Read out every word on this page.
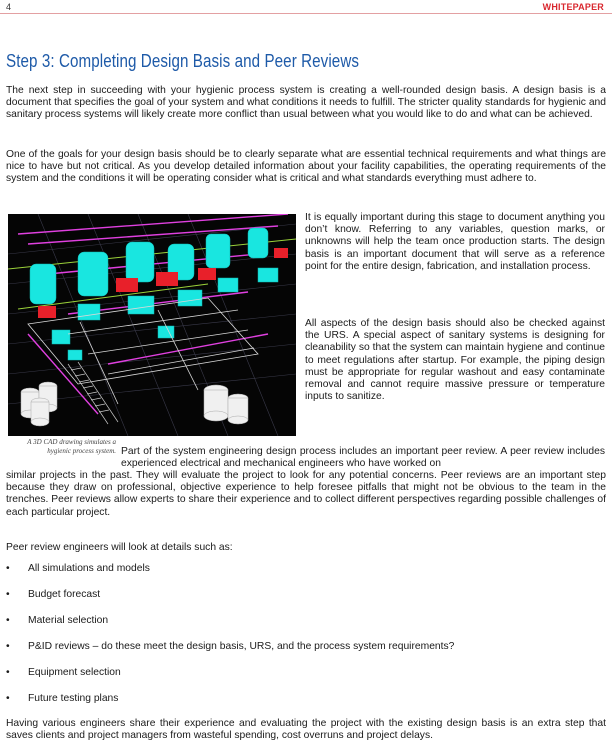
4	WHITEPAPER
Step 3: Completing Design Basis and Peer Reviews

The next step in succeeding with your hygienic process system is creating a well-rounded design basis. A design basis is a document that specifies the goal of your system and what conditions it needs to fulfill. The stricter quality standards for hygienic and sanitary process systems will likely create more conflict than usual between what you would like to do and what can be achieved.

One of the goals for your design basis should be to clearly separate what are essential technical requirements and what things are nice to have but not critical. As you develop detailed information about your facility capabilities, the operating requirements of the system and the conditions it will be operating consider what is critical and what standards everything must adhere to.

A 3D CAD drawing simulates a hygienic process system.

It is equally important during this stage to document anything you don’t know. Referring to any variables, question marks, or unknowns will help the team once production starts. The design basis is an important document that will serve as a reference point for the entire design, fabrication, and installation process.

All aspects of the design basis should also be checked against the URS. A special aspect of sanitary systems is designing for cleanability so that the system can maintain hygiene and continue to meet regulations after startup. For example, the piping design must be appropriate for regular washout and easy contaminate removal and cannot require massive pressure or temperature inputs to sanitize.

Part of the system engineering design process includes an important peer review. A peer review includes experienced electrical and mechanical engineers who have worked on

similar projects in the past. They will evaluate the project to look for any potential concerns. Peer reviews are an important step because they draw on professional, objective experience to help foresee pitfalls that might not be obvious to the team in the trenches. Peer reviews allow experts to share their experience and to collect different perspectives regarding possible challenges of each particular project.

Peer review engineers will look at details such as:

• All simulations and models
• Budget forecast
• Material selection
• P&ID reviews – do these meet the design basis, URS, and the process system requirements?
• Equipment selection
• Future testing plans

Having various engineers share their experience and evaluating the project with the existing design basis is an extra step that saves clients and project managers from wasteful spending, cost overruns and project delays.
